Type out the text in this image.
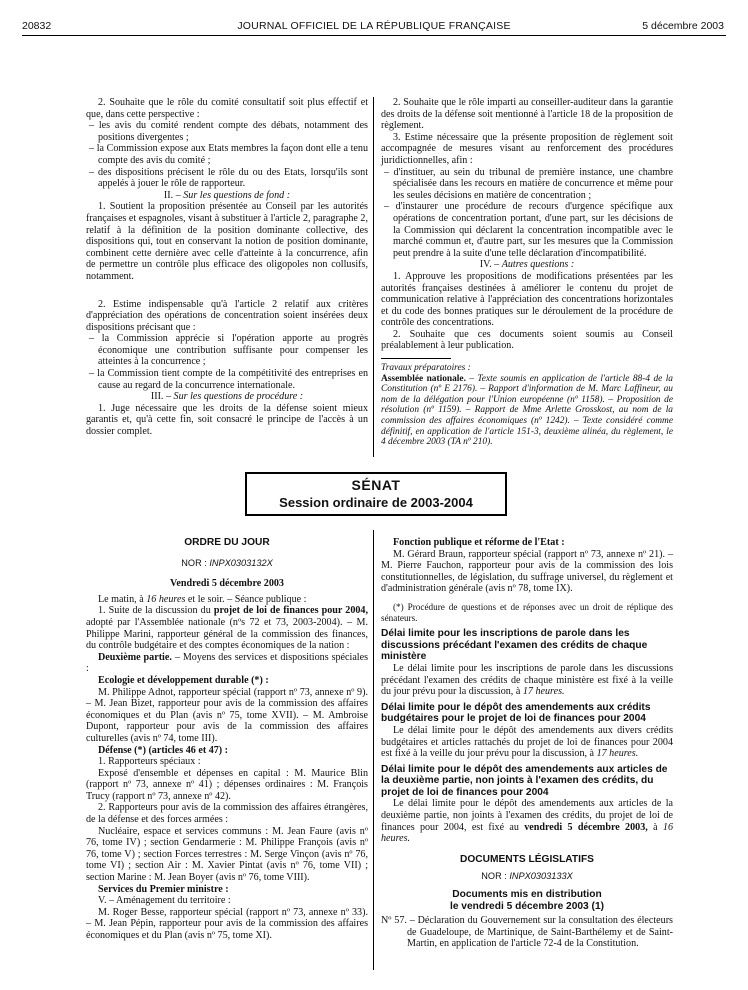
20832	JOURNAL OFFICIEL DE LA RÉPUBLIQUE FRANÇAISE	5 décembre 2003

2. Souhaite que le rôle du comité consultatif soit plus effectif et que, dans cette perspective :

– les avis du comité rendent compte des débats, notamment des positions divergentes ;

– la Commission expose aux Etats membres la façon dont elle a tenu compte des avis du comité ;

– des dispositions précisent le rôle du ou des Etats, lorsqu'ils sont appelés à jouer le rôle de rapporteur.

II. – Sur les questions de fond :

1. Soutient la proposition présentée au Conseil par les autorités françaises et espagnoles, visant à substituer à l'article 2, paragraphe 2, relatif à la définition de la position dominante collective, des dispositions qui, tout en conservant la notion de position dominante, combinent cette dernière avec celle d'atteinte à la concurrence, afin de permettre un contrôle plus efficace des oligopoles non collusifs, notamment.

2. Estime indispensable qu'à l'article 2 relatif aux critères d'appréciation des opérations de concentration soient insérées deux dispositions précisant que :

– la Commission apprécie si l'opération apporte au progrès économique une contribution suffisante pour compenser les atteintes à la concurrence ;

– la Commission tient compte de la compétitivité des entreprises en cause au regard de la concurrence internationale.

III. – Sur les questions de procédure :

1. Juge nécessaire que les droits de la défense soient mieux garantis et, qu'à cette fin, soit consacré le principe de l'accès à un dossier complet.

2. Souhaite que le rôle imparti au conseiller-auditeur dans la garantie des droits de la défense soit mentionné à l'article 18 de la proposition de règlement.

3. Estime nécessaire que la présente proposition de règlement soit accompagnée de mesures visant au renforcement des procédures juridictionnelles, afin :

– d'instituer, au sein du tribunal de première instance, une chambre spécialisée dans les recours en matière de concurrence et même pour les seules décisions en matière de concentration ;

– d'instaurer une procédure de recours d'urgence spécifique aux opérations de concentration portant, d'une part, sur les décisions de la Commission qui déclarent la concentration incompatible avec le marché commun et, d'autre part, sur les mesures que la Commission peut prendre à la suite d'une telle déclaration d'incompatibilité.

IV. – Autres questions :

1. Approuve les propositions de modifications présentées par les autorités françaises destinées à améliorer le contenu du projet de communication relative à l'appréciation des concentrations horizontales et du code des bonnes pratiques sur le déroulement de la procédure de contrôle des concentrations.

2. Souhaite que ces documents soient soumis au Conseil préalablement à leur publication.

Travaux préparatoires :

Assemblée nationale. – Texte soumis en application de l'article 88-4 de la Constitution (nº E 2176). – Rapport d'information de M. Marc Laffineur, au nom de la délégation pour l'Union européenne (nº 1158). – Proposition de résolution (nº 1159). – Rapport de Mme Arlette Grosskost, au nom de la commission des affaires économiques (nº 1242). – Texte considéré comme définitif, en application de l'article 151-3, deuxième alinéa, du règlement, le 4 décembre 2003 (TA nº 210).

SÉNAT
Session ordinaire de 2003-2004

ORDRE DU JOUR

NOR : INPX0303132X

Vendredi 5 décembre 2003

Le matin, à 16 heures et le soir. – Séance publique :

1. Suite de la discussion du projet de loi de finances pour 2004, adopté par l'Assemblée nationale (nºs 72 et 73, 2003-2004). – M. Philippe Marini, rapporteur général de la commission des finances, du contrôle budgétaire et des comptes économiques de la nation :

Deuxième partie. – Moyens des services et dispositions spéciales :

Ecologie et développement durable (*) :

M. Philippe Adnot, rapporteur spécial (rapport nº 73, annexe nº 9). – M. Jean Bizet, rapporteur pour avis de la commission des affaires économiques et du Plan (avis nº 75, tome XVII). – M. Ambroise Dupont, rapporteur pour avis de la commission des affaires culturelles (avis nº 74, tome III).

Défense (*) (articles 46 et 47) :

1. Rapporteurs spéciaux :

Exposé d'ensemble et dépenses en capital : M. Maurice Blin (rapport nº 73, annexe nº 41) ; dépenses ordinaires : M. François Trucy (rapport nº 73, annexe nº 42).

2. Rapporteurs pour avis de la commission des affaires étrangères, de la défense et des forces armées :

Nucléaire, espace et services communs : M. Jean Faure (avis nº 76, tome IV) ; section Gendarmerie : M. Philippe François (avis nº 76, tome V) ; section Forces terrestres : M. Serge Vinçon (avis nº 76, tome VI) ; section Air : M. Xavier Pintat (avis nº 76, tome VII) ; section Marine : M. Jean Boyer (avis nº 76, tome VIII).

Services du Premier ministre :

V. – Aménagement du territoire :

M. Roger Besse, rapporteur spécial (rapport nº 73, annexe nº 33). – M. Jean Pépin, rapporteur pour avis de la commission des affaires économiques et du Plan (avis nº 75, tome XI).

Fonction publique et réforme de l'Etat :

M. Gérard Braun, rapporteur spécial (rapport nº 73, annexe nº 21). – M. Pierre Fauchon, rapporteur pour avis de la commission des lois constitutionnelles, de législation, du suffrage universel, du règlement et d'administration générale (avis nº 78, tome IX).

(*) Procédure de questions et de réponses avec un droit de réplique des sénateurs.

Délai limite pour les inscriptions de parole dans les discussions précédant l'examen des crédits de chaque ministère

Le délai limite pour les inscriptions de parole dans les discussions précédant l'examen des crédits de chaque ministère est fixé à la veille du jour prévu pour la discussion, à 17 heures.

Délai limite pour le dépôt des amendements aux crédits budgétaires pour le projet de loi de finances pour 2004

Le délai limite pour le dépôt des amendements aux divers crédits budgétaires et articles rattachés du projet de loi de finances pour 2004 est fixé à la veille du jour prévu pour la discussion, à 17 heures.

Délai limite pour le dépôt des amendements aux articles de la deuxième partie, non joints à l'examen des crédits, du projet de loi de finances pour 2004

Le délai limite pour le dépôt des amendements aux articles de la deuxième partie, non joints à l'examen des crédits, du projet de loi de finances pour 2004, est fixé au vendredi 5 décembre 2003, à 16 heures.

DOCUMENTS LÉGISLATIFS

NOR : INPX0303133X

Documents mis en distribution

le vendredi 5 décembre 2003 (1)

Nº 57. – Déclaration du Gouvernement sur la consultation des électeurs de Guadeloupe, de Martinique, de Saint-Barthélemy et de Saint-Martin, en application de l'article 72-4 de la Constitution.
